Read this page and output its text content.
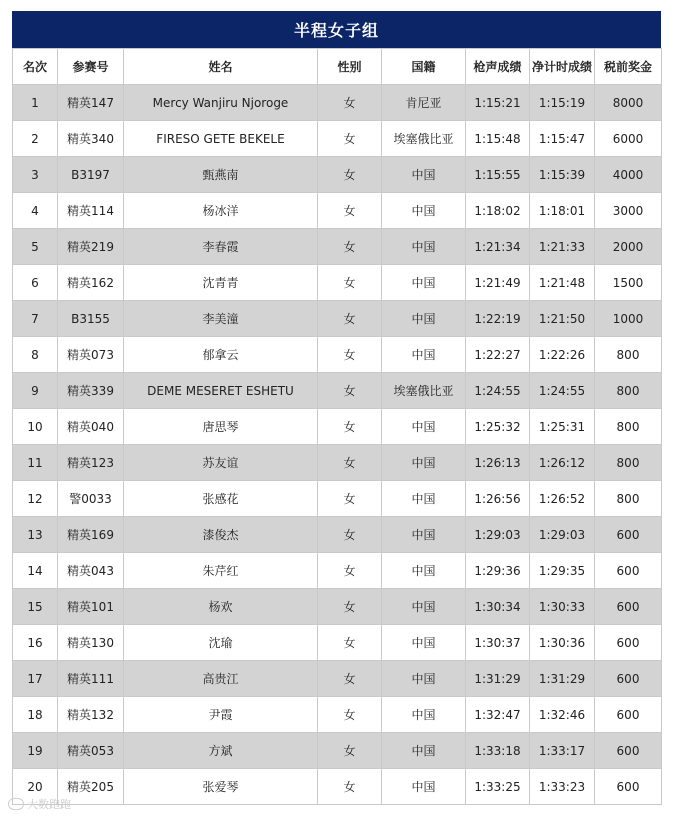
半程女子组
名次	参赛号	姓名	性别	国籍	枪声成绩	净计时成绩	税前奖金
1	精英147	Mercy Wanjiru Njoroge	女	肯尼亚	1:15:21	1:15:19	8000
2	精英340	FIRESO GETE BEKELE	女	埃塞俄比亚	1:15:48	1:15:47	6000
3	B3197	甄燕南	女	中国	1:15:55	1:15:39	4000
4	精英114	杨冰洋	女	中国	1:18:02	1:18:01	3000
5	精英219	李春霞	女	中国	1:21:34	1:21:33	2000
6	精英162	沈青青	女	中国	1:21:49	1:21:48	1500
7	B3155	李美潼	女	中国	1:22:19	1:21:50	1000
8	精英073	郁拿云	女	中国	1:22:27	1:22:26	800
9	精英339	DEME MESERET ESHETU	女	埃塞俄比亚	1:24:55	1:24:55	800
10	精英040	唐思琴	女	中国	1:25:32	1:25:31	800
11	精英123	苏友谊	女	中国	1:26:13	1:26:12	800
12	警0033	张感花	女	中国	1:26:56	1:26:52	800
13	精英169	漆俊杰	女	中国	1:29:03	1:29:03	600
14	精英043	朱芹红	女	中国	1:29:36	1:29:35	600
15	精英101	杨欢	女	中国	1:30:34	1:30:33	600
16	精英130	沈瑜	女	中国	1:30:37	1:30:36	600
17	精英111	高贵江	女	中国	1:31:29	1:31:29	600
18	精英132	尹霞	女	中国	1:32:47	1:32:46	600
19	精英053	方斌	女	中国	1:33:18	1:33:17	600
20	精英205	张爱琴	女	中国	1:33:25	1:33:23	600
大数跑跑
